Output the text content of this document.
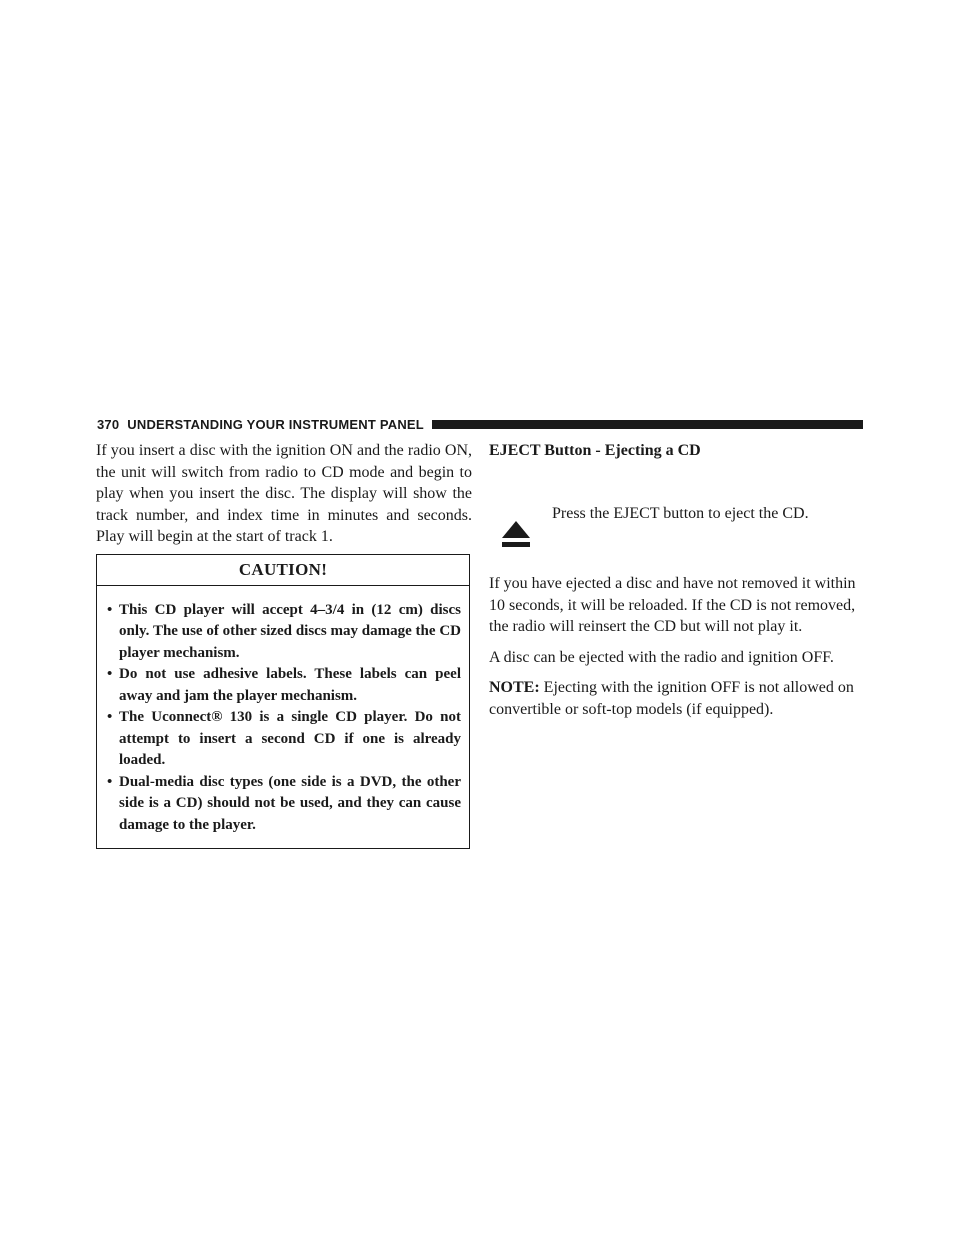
370 UNDERSTANDING YOUR INSTRUMENT PANEL

If you insert a disc with the ignition ON and the radio ON, the unit will switch from radio to CD mode and begin to play when you insert the disc. The display will show the track number, and index time in minutes and seconds. Play will begin at the start of track 1.

CAUTION!
• This CD player will accept 4–3/4 in (12 cm) discs only. The use of other sized discs may damage the CD player mechanism.
• Do not use adhesive labels. These labels can peel away and jam the player mechanism.
• The Uconnect® 130 is a single CD player. Do not attempt to insert a second CD if one is already loaded.
• Dual-media disc types (one side is a DVD, the other side is a CD) should not be used, and they can cause damage to the player.
EJECT Button - Ejecting a CD
Press the EJECT button to eject the CD.

If you have ejected a disc and have not removed it within 10 seconds, it will be reloaded. If the CD is not removed, the radio will reinsert the CD but will not play it.

A disc can be ejected with the radio and ignition OFF.

NOTE: Ejecting with the ignition OFF is not allowed on convertible or soft-top models (if equipped).
